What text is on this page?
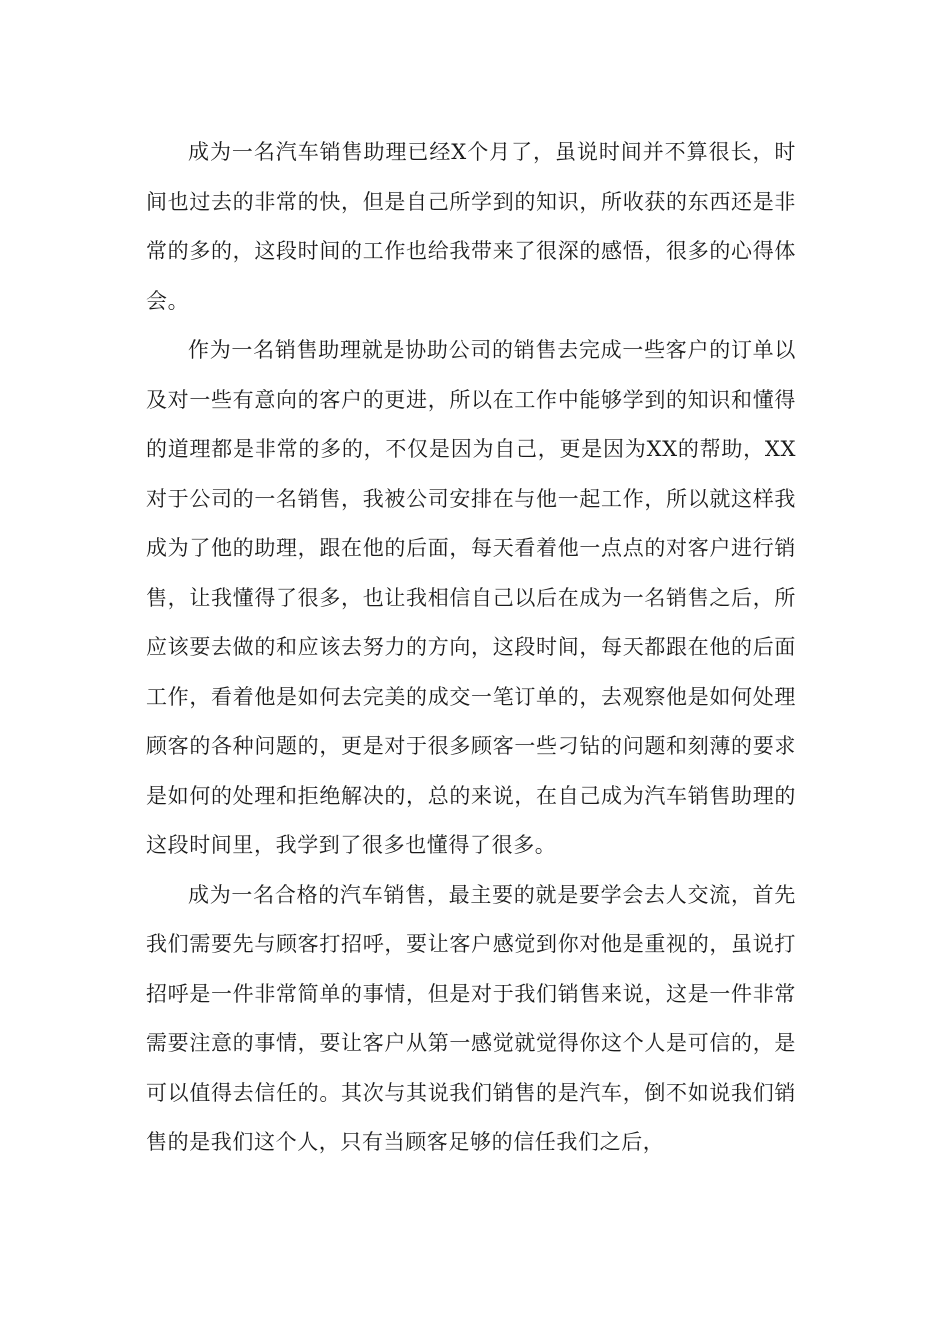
成为一名汽车销售助理已经X个月了，虽说时间并不算很长，时间也过去的非常的快，但是自己所学到的知识，所收获的东西还是非常的多的，这段时间的工作也给我带来了很深的感悟，很多的心得体会。

作为一名销售助理就是协助公司的销售去完成一些客户的订单以及对一些有意向的客户的更进，所以在工作中能够学到的知识和懂得的道理都是非常的多的，不仅是因为自己，更是因为XX的帮助，XX对于公司的一名销售，我被公司安排在与他一起工作，所以就这样我成为了他的助理，跟在他的后面，每天看着他一点点的对客户进行销售，让我懂得了很多，也让我相信自己以后在成为一名销售之后，所应该要去做的和应该去努力的方向，这段时间，每天都跟在他的后面工作，看着他是如何去完美的成交一笔订单的，去观察他是如何处理顾客的各种问题的，更是对于很多顾客一些刁钻的问题和刻薄的要求是如何的处理和拒绝解决的，总的来说，在自己成为汽车销售助理的这段时间里，我学到了很多也懂得了很多。

成为一名合格的汽车销售，最主要的就是要学会去人交流，首先我们需要先与顾客打招呼，要让客户感觉到你对他是重视的，虽说打招呼是一件非常简单的事情，但是对于我们销售来说，这是一件非常需要注意的事情，要让客户从第一感觉就觉得你这个人是可信的，是可以值得去信任的。其次与其说我们销售的是汽车，倒不如说我们销售的是我们这个人，只有当顾客足够的信任我们之后，
